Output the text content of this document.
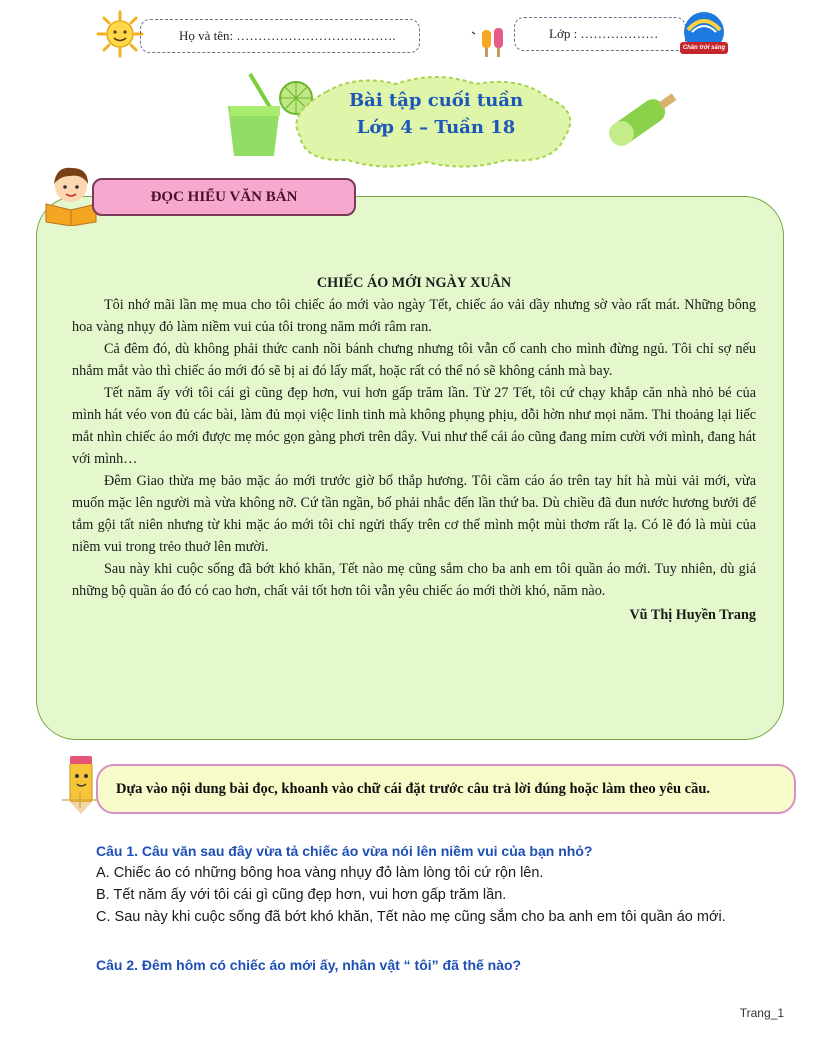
Họ và tên: ……………………………….	Lớp : ………………
Chân trời sáng tạo
Bài tập cuối tuần
Lớp 4 – Tuần 18
ĐỌC HIỂU VĂN BẢN

CHIẾC ÁO MỚI NGÀY XUÂN

Tôi nhớ mãi lần mẹ mua cho tôi chiếc áo mới vào ngày Tết, chiếc áo vải dầy nhưng sờ vào rất mát. Những bông hoa vàng nhụy đỏ làm niềm vui của tôi trong năm mới râm ran.

Cả đêm đó, dù không phải thức canh nồi bánh chưng nhưng tôi vẫn cố canh cho mình đừng ngủ. Tôi chỉ sợ nếu nhắm mắt vào thì chiếc áo mới đó sẽ bị ai đó lấy mất, hoặc rất có thể nó sẽ không cánh mà bay.

Tết năm ấy với tôi cái gì cũng đẹp hơn, vui hơn gấp trăm lần. Từ 27 Tết, tôi cứ chạy khắp căn nhà nhỏ bé của mình hát véo von đủ các bài, làm đủ mọi việc linh tinh mà không phụng phịu, dỗi hờn như mọi năm. Thi thoảng lại liếc mắt nhìn chiếc áo mới được mẹ móc gọn gàng phơi trên dây. Vui như thể cái áo cũng đang mỉm cười với mình, đang hát với mình…

Đêm Giao thừa mẹ bảo mặc áo mới trước giờ bố thắp hương. Tôi cầm cáo áo trên tay hít hà mùi vải mới, vừa muốn mặc lên người mà vừa không nỡ. Cứ tần ngần, bố phải nhắc đến lần thứ ba. Dù chiều đã đun nước hương bưởi để tắm gội tất niên nhưng từ khi mặc áo mới tôi chỉ ngửi thấy trên cơ thể mình một mùi thơm rất lạ. Có lẽ đó là mùi của niềm vui trong trẻo thuở lên mười.

Sau này khi cuộc sống đã bớt khó khăn, Tết nào mẹ cũng sắm cho ba anh em tôi quần áo mới. Tuy nhiên, dù giá những bộ quần áo đó có cao hơn, chất vải tốt hơn tôi vẫn yêu chiếc áo mới thời khó, năm nào.

Vũ Thị Huyền Trang

Dựa vào nội dung bài đọc, khoanh vào chữ cái đặt trước câu trả lời đúng hoặc làm theo yêu cầu.
Câu 1. Câu văn sau đây vừa tả chiếc áo vừa nói lên niềm vui của bạn nhỏ?
A. Chiếc áo có những bông hoa vàng nhụy đỏ làm lòng tôi cứ rộn lên.
B. Tết năm ấy với tôi cái gì cũng đẹp hơn, vui hơn gấp trăm lần.
C. Sau này khi cuộc sống đã bớt khó khăn, Tết nào mẹ cũng sắm cho ba anh em tôi quần áo mới.
Câu 2. Đêm hôm có chiếc áo mới ấy, nhân vật “ tôi” đã thế nào?
Trang_1
